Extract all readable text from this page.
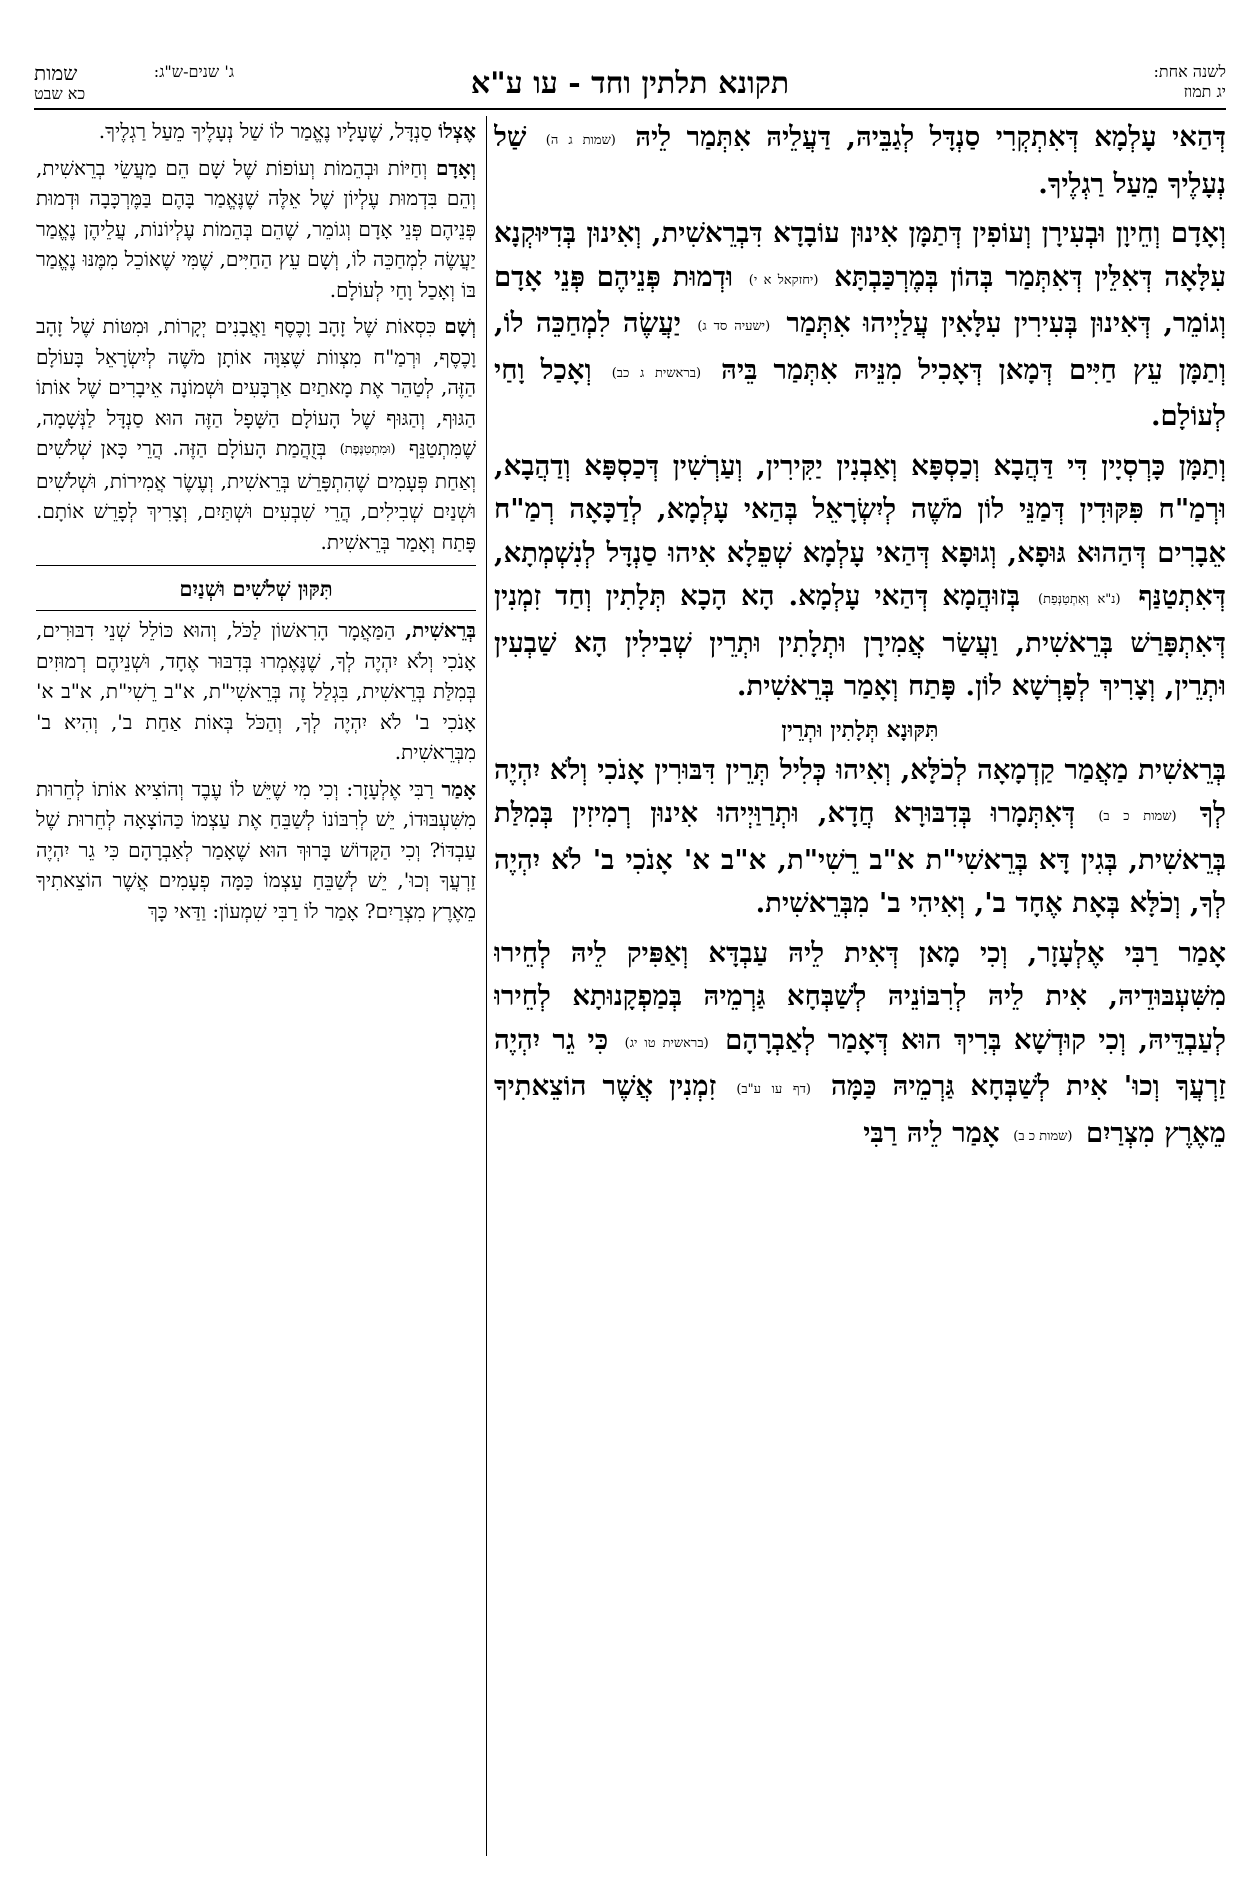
לשנה אחת:
יג תמוז
תקונא תלתין וחד - עו ע"א
ג' שנים-ש"ג:
שמות
כא שבט

דְּהַאי עָלְמָא דְּאִתְקְרִי סַנְדָּל לְגַבֵּיהּ, דַּעֲלֵיהּ אִתְּמַר לֵיהּ (שמות ג ה) שַׁל נְעָלֶיךָ מֵעַל רַגְלֶיךָ.

וְאָדָם וְחֵיוָן וּבְעִירָן וְעוֹפִין דְּתַמָּן אִינוּן עוֹבָדָא דִּבְרֵאשִׁית, וְאִינוּן בְּדִיּוּקְנָא עִלָּאָה דְּאִלֵּין דְּאִתְּמַר בְּהוֹן בְּמֶרְכַּבְתָּא (יחזקאל א י) וּדְמוּת פְּנֵיהֶם פְּנֵי אָדָם וְגוֹמֵר, דְּאִינוּן בְּעִירִין עִלָּאִין עֲלַיְיהוּ אִתְּמַר (ישעיה סד ג) יַעֲשֶׂה לִמְחַכֵּה לוֹ, וְתַמָּן עֵץ חַיִּים דְּמָאן דְּאָכִיל מִנֵּיהּ אִתְּמַר בֵּיהּ (בראשית ג כב) וְאָכַל וָחַי לְעוֹלָם.

וְתַמָּן כָּרְסְיָין דִּי דַּהֲבָא וְכַסְפָּא וְאַבְנִין יַקִּירִין, וְעַרְשִׁין דְּכַסְפָּא וְדַהֲבָא, וּרְמַ"ח פִּקּוּדִין דְּמַנֵּי לוֹן מֹשֶׁה לְיִשְׂרָאֵל בְּהַאי עָלְמָא, לְדַכָּאָה רְמַ"ח אֵבָרִים דְּהַהוּא גּוּפָא, וְגוּפָא דְּהַאי עָלְמָא שְׁפֵלָא אִיהוּ סַנְדָּל לְנִשְׁמְתָא, דְּאִתְטַנַּף (נ"א וְאִתְטַנְּפַת) בְּזוּהֲמָא דְּהַאי עָלְמָא. הָא הָכָא תְּלָתִין וְחַד זִמְנִין דְּאִתְפָּרַשׁ בְּרֵאשִׁית, וַעֲשַׂר אֲמִירָן וּתְלָתִין וּתְרֵין שְׁבִילִין הָא שַׁבְעִין וּתְרֵין, וְצָרִיךְ לְפָרְשָׁא לוֹן. פָּתַח וְאָמַר בְּרֵאשִׁית.

תִּקּוּנָא תְּלָתִין וּתְרֵין

בְּרֵאשִׁית מַאֲמַר קַדְמָאָה לְכֹלָּא, וְאִיהוּ כְּלִיל תְּרֵין דִּבּוּרִין אָנֹכִי וְלֹא יִהְיֶה לְךָ (שמות כ ב) דְּאִתְּמָרוּ בְּדִבּוּרָא חֲדָא, וּתְרַוַּיְיהוּ אִינוּן רְמִיזִין בְּמִלַּת בְּרֵאשִׁית, בְּגִין דָּא בְּרֵאשִׁי"ת א"ב רֵשִׁי"ת, א"ב א' אָנֹכִי ב' לֹא יִהְיֶה לְךָ, וְכֹלָּא בְּאָת אֶחָד ב', וְאִיהִי ב' מִבְּרֵאשִׁית.

אָמַר רַבִּי אֶלְעָזָר, וְכִי מָאן דְּאִית לֵיהּ עַבְדָּא וְאַפִּיק לֵיהּ לְחֵירוּ מִשִּׁעְבּוּדֵיהּ, אִית לֵיהּ לְרִבּוֹנֵיהּ לְשַׁבְּחָא גַּרְמֵיהּ בְּמַפְקָנוּתָא לְחֵירוּ לְעַבְדֵּיהּ, וְכִי קוּדְשָׁא בְּרִיךְ הוּא דְּאָמַר לְאַבְרָהָם (בראשית טו יג) כִּי גֵר יִהְיֶה זַרְעֲךָ וְכוּ' אִית לְשַׁבְּחָא גַּרְמֵיהּ כַּמָּה (דף עו ע"ב) זִמְנִין אֲשֶׁר הוֹצֵאתִיךָ מֵאֶרֶץ מִצְרַיִם (שמות כ ב) אָמַר לֵיהּ רַבִּי

אֶצְלוֹ סַנְדָּל, שֶׁעָלָיו נֶאֱמַר לוֹ שַׁל נְעָלֶיךָ מֵעַל רַגְלֶיךָ.

וְאָדָם וְחַיּוֹת וּבְהֵמוֹת וְעוֹפוֹת שֶׁל שָׁם הֵם מַעֲשֵׂי בְרֵאשִׁית, וְהֵם בִּדְמוּת עֶלְיוֹן שֶׁל אֵלֶּה שֶׁנֶּאֱמַר בָּהֶם בַּמֶּרְכָּבָה וּדְמוּת פְּנֵיהֶם פְּנֵי אָדָם וְגוֹמֵר, שֶׁהֵם בְּהֵמוֹת עֶלְיוֹנוֹת, עֲלֵיהֶן נֶאֱמַר יַעֲשֶׂה לִמְחַכֵּה לוֹ, וְשָׁם עֵץ הַחַיִּים, שֶׁמִּי שֶׁאוֹכֵל מִמֶּנּוּ נֶאֱמַר בּוֹ וְאָכַל וָחַי לְעוֹלָם.

וְשָׁם כִּסְאוֹת שֶׁל זָהָב וָכֶסֶף וַאֲבָנִים יְקָרוֹת, וּמִטּוֹת שֶׁל זָהָב וָכֶסֶף, וּרְמַ"ח מִצְווֹת שֶׁצִּוָּה אוֹתָן מֹשֶׁה לְיִשְׂרָאֵל בָּעוֹלָם הַזֶּה, לְטַהֵר אֶת מָאתַיִם אַרְבָּעִים וּשְׁמוֹנָה אֵיבָרִים שֶׁל אוֹתוֹ הַגּוּף, וְהַגּוּף שֶׁל הָעוֹלָם הַשָּׁפָל הַזֶּה הוּא סַנְדָּל לַנְּשָׁמָה, שֶׁמִּתְטַנֵּף (וּמִתְטַנֶּפֶת) בְּזֻהֲמַת הָעוֹלָם הַזֶּה. הֲרֵי כָּאן שְׁלֹשִׁים וְאַחַת פְּעָמִים שֶׁהִתְפָּרֵשׁ בְּרֵאשִׁית, וְעֶשֶׂר אֲמִירוֹת, וּשְׁלֹשִׁים וּשְׁנַיִם שְׁבִילִים, הֲרֵי שִׁבְעִים וּשְׁתַּיִם, וְצָרִיךְ לְפָרֵשׁ אוֹתָם. פָּתַח וְאָמַר בְּרֵאשִׁית.

תִּקּוּן שְׁלֹשִׁים וּשְׁנַיִם

בְּרֵאשִׁית, הַמַּאֲמָר הָרִאשׁוֹן לַכֹּל, וְהוּא כּוֹלֵל שְׁנֵי דִבּוּרִים, אָנֹכִי וְלֹא יִהְיֶה לְךָ, שֶׁנֶּאֶמְרוּ בְּדִבּוּר אֶחָד, וּשְׁנֵיהֶם רְמוּזִים בְּמִלַּת בְּרֵאשִׁית, בִּגְלַל זֶה בְּרֵאשִׁי"ת, א"ב רֵשִׁי"ת, א"ב א' אָנֹכִי ב' לֹא יִהְיֶה לְךָ, וְהַכֹּל בְּאוֹת אַחַת ב', וְהִיא ב' מִבְּרֵאשִׁית.

אָמַר רַבִּי אֶלְעָזָר: וְכִי מִי שֶׁיֵּשׁ לוֹ עֶבֶד וְהוֹצִיא אוֹתוֹ לְחֵרוּת מִשִּׁעְבּוּדוֹ, יֵשׁ לְרִבּוֹנוֹ לְשַׁבֵּחַ אֶת עַצְמוֹ כַּהוֹצָאָה לְחֵרוּת שֶׁל עַבְדּוֹ? וְכִי הַקָּדוֹשׁ בָּרוּךְ הוּא שֶׁאָמַר לְאַבְרָהָם כִּי גֵר יִהְיֶה זַרְעֲךָ וְכוּ', יֵשׁ לְשַׁבֵּחַ עַצְמוֹ כַּמָּה פְעָמִים אֲשֶׁר הוֹצֵאתִיךָ מֵאֶרֶץ מִצְרַיִם? אָמַר לוֹ רַבִּי שִׁמְעוֹן: וַדַּאי כָּךְ
